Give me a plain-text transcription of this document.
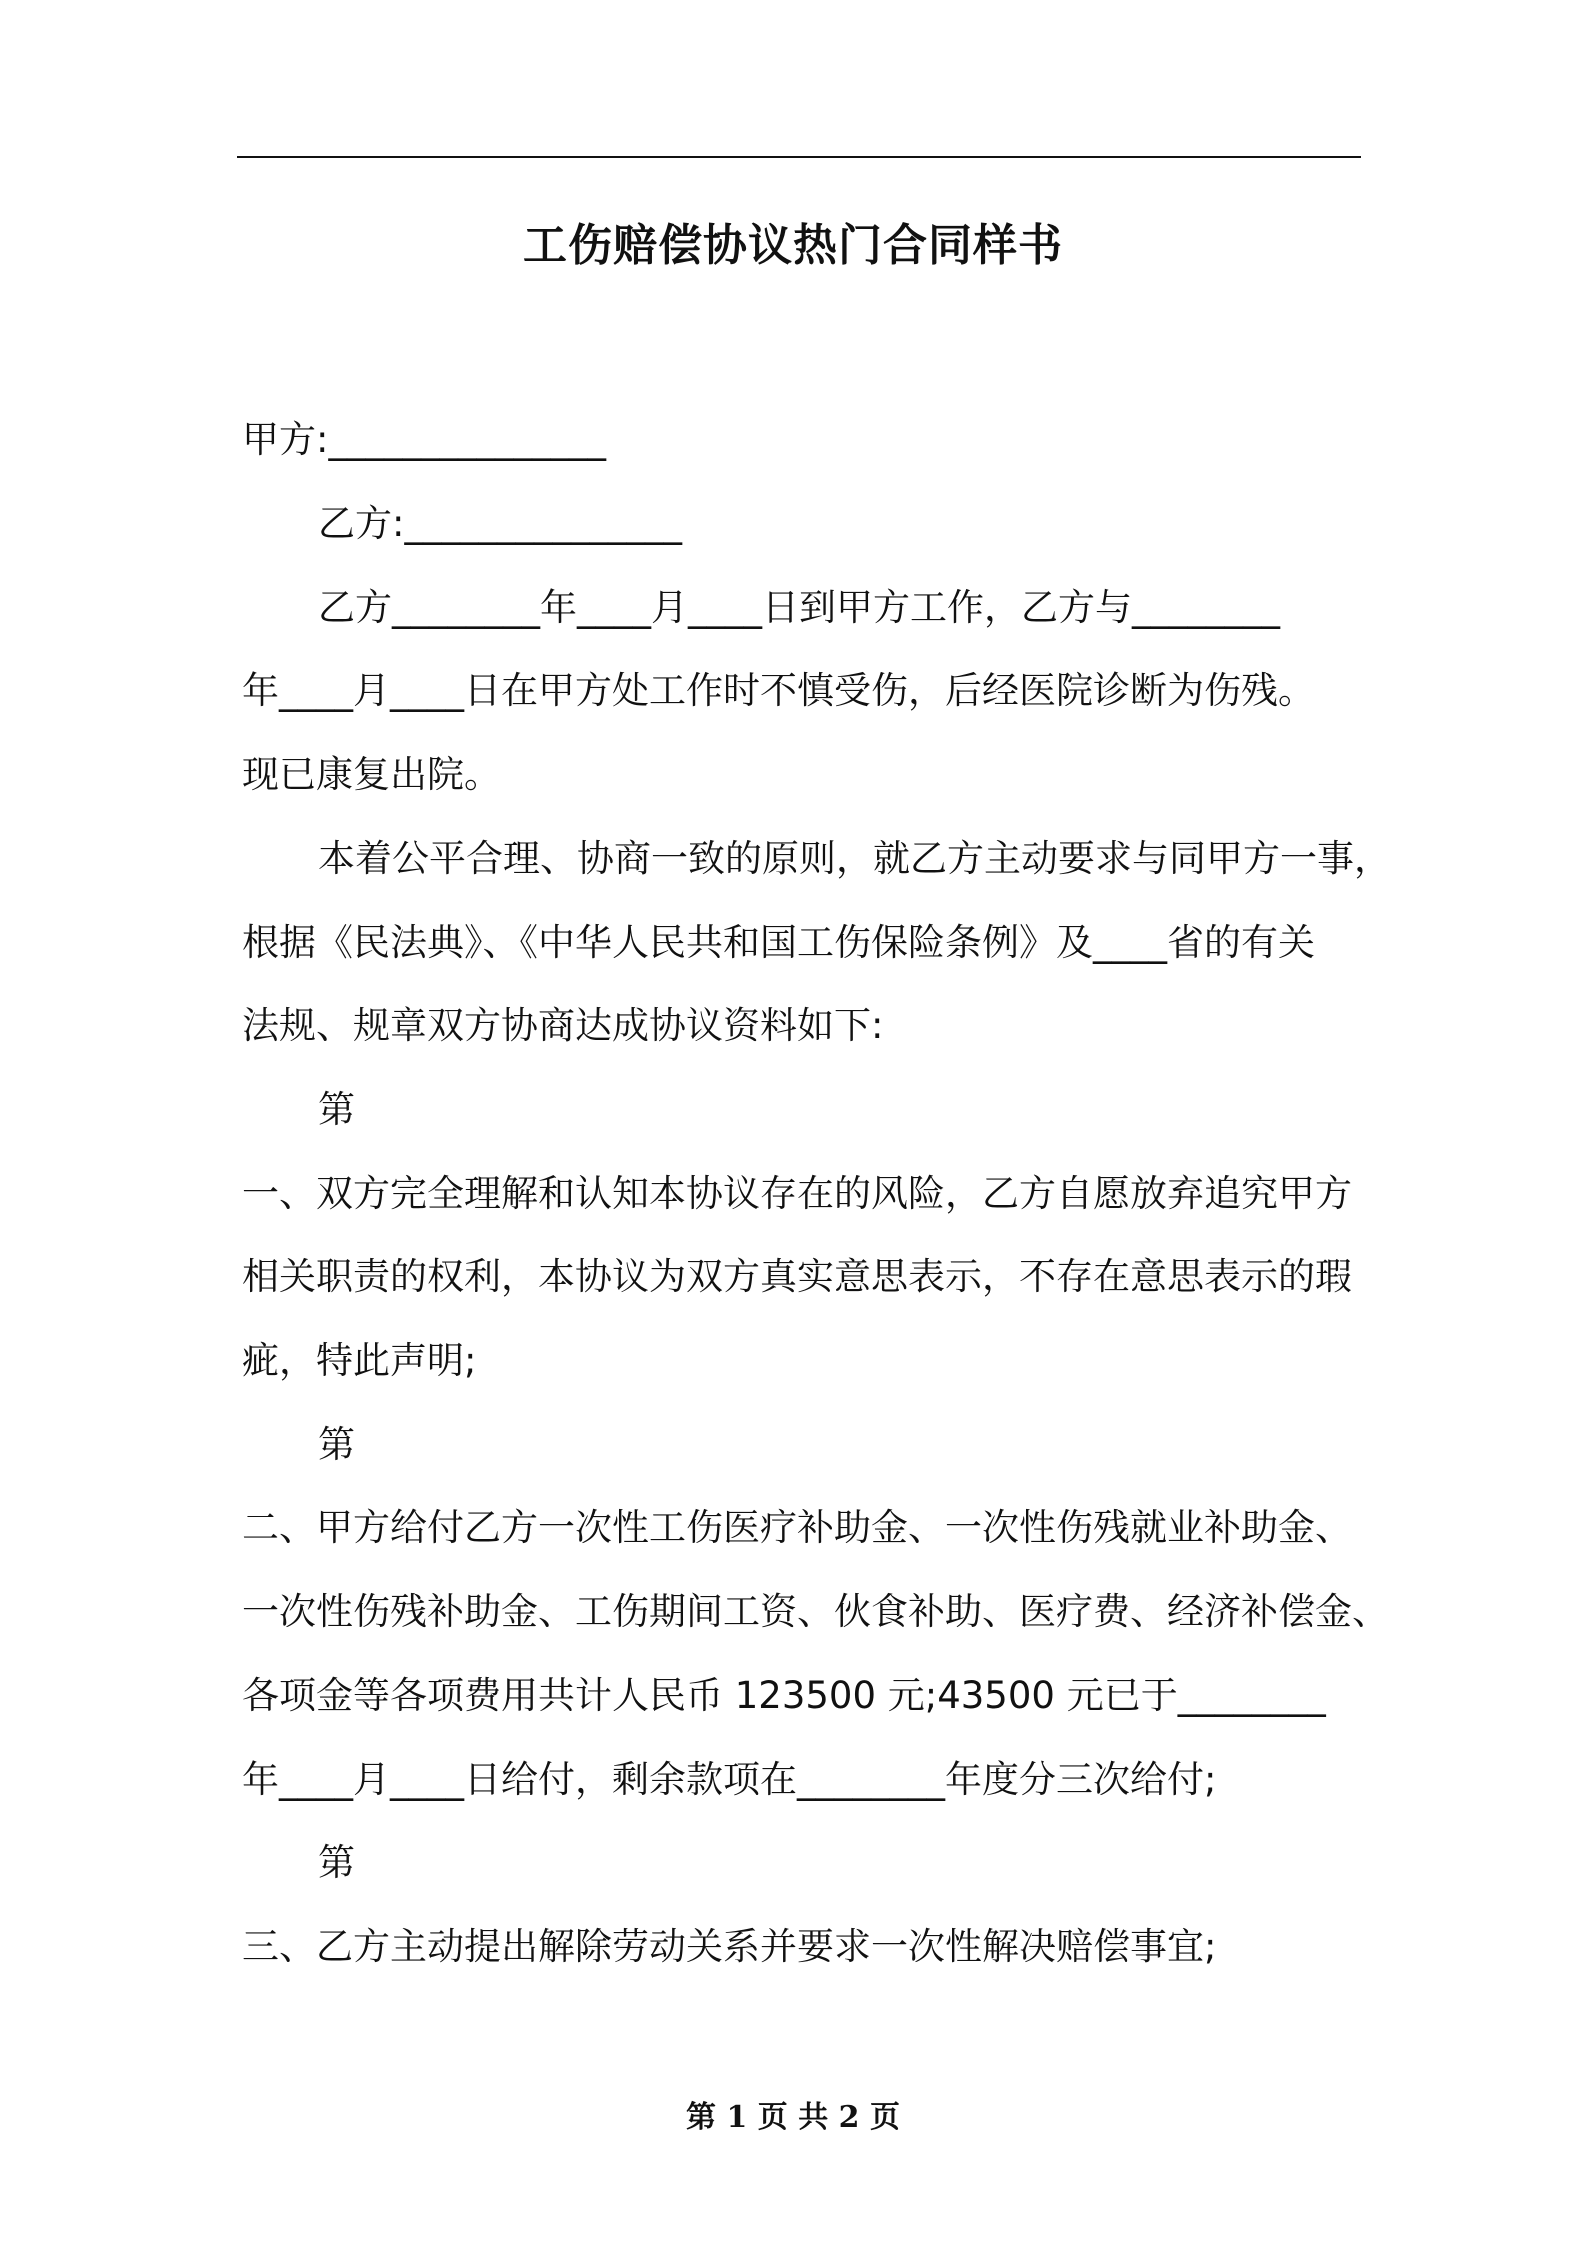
工伤赔偿协议热门合同样书

甲方:_______________

乙方:_______________

乙方________年____月____日到甲方工作，乙方与________

年____月____日在甲方处工作时不慎受伤，后经医院诊断为伤残。

现已康复出院。

本着公平合理、协商一致的原则，就乙方主动要求与同甲方一事，

根据《民法典》、《中华人民共和国工伤保险条例》及____省的有关

法规、规章双方协商达成协议资料如下:

第

一、双方完全理解和认知本协议存在的风险，乙方自愿放弃追究甲方

相关职责的权利，本协议为双方真实意思表示，不存在意思表示的瑕

疵，特此声明;

第

二、甲方给付乙方一次性工伤医疗补助金、一次性伤残就业补助金、

一次性伤残补助金、工伤期间工资、伙食补助、医疗费、经济补偿金、

各项金等各项费用共计人民币 123500 元;43500 元已于________

年____月____日给付，剩余款项在________年度分三次给付;

第

三、乙方主动提出解除劳动关系并要求一次性解决赔偿事宜;

第 1 页 共 2 页
